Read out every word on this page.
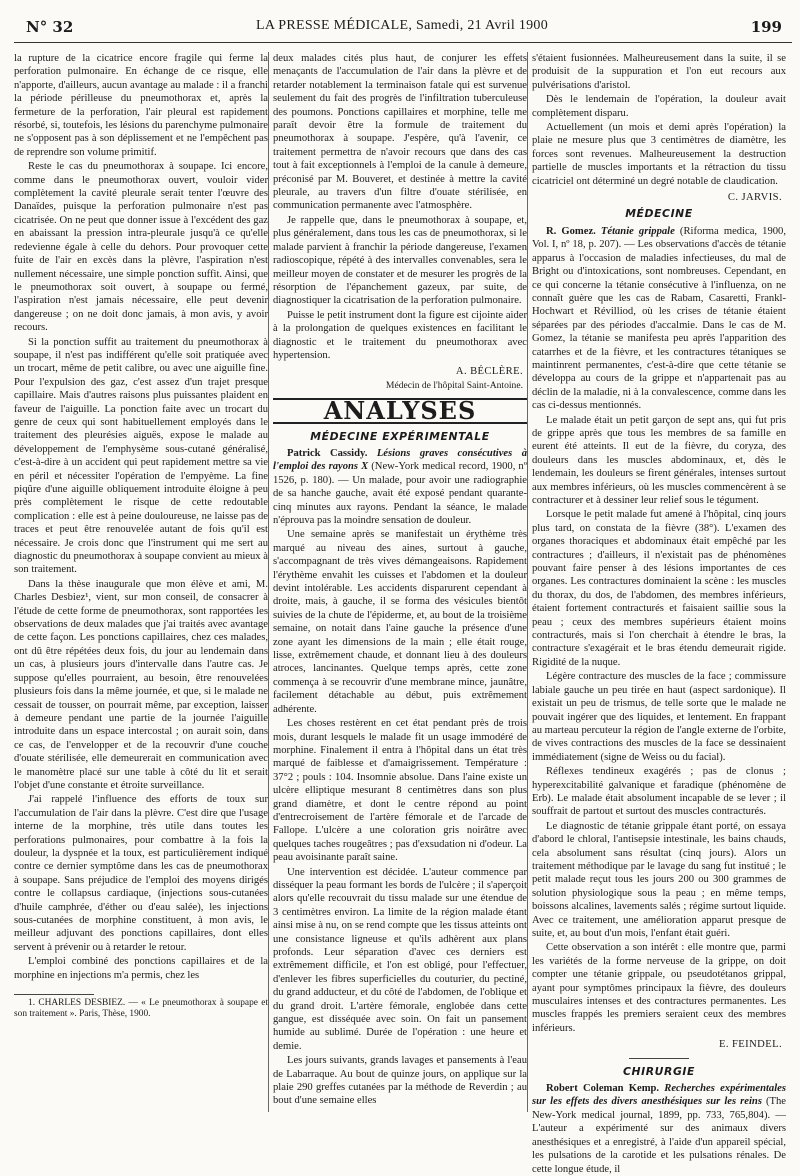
N° 32	LA PRESSE MÉDICALE, Samedi, 21 Avril 1900	199

la rupture de la cicatrice encore fragile qui ferme la perforation pulmonaire. En échange de ce risque, elle n'apporte, d'ailleurs, aucun avantage au malade : il a franchi la période périlleuse du pneumothorax et, après la fermeture de la perforation, l'air pleural est rapidement résorbé, si, toutefois, les lésions du parenchyme pulmonaire ne s'opposent pas à son déplissement et ne l'empêchent pas de reprendre son volume primitif.

Reste le cas du pneumothorax à soupape. Ici encore, comme dans le pneumothorax ouvert, vouloir vider complètement la cavité pleurale serait tenter l'œuvre des Danaïdes, puisque la perforation pulmonaire n'est pas cicatrisée. On ne peut que donner issue à l'excédent des gaz en abaissant la pression intra-pleurale jusqu'à ce qu'elle redevienne égale à celle du dehors. Pour provoquer cette fuite de l'air en excès dans la plèvre, l'aspiration n'est nullement nécessaire, une simple ponction suffit. Ainsi, que le pneumothorax soit ouvert, à soupape ou fermé, l'aspiration n'est jamais nécessaire, elle peut devenir dangereuse ; on ne doit donc jamais, à mon avis, y avoir recours.

Si la ponction suffit au traitement du pneumothorax à soupape, il n'est pas indifférent qu'elle soit pratiquée avec un trocart, même de petit calibre, ou avec une aiguille fine. Pour l'expulsion des gaz, c'est assez d'un trajet presque capillaire. Mais d'autres raisons plus puissantes plaident en faveur de l'aiguille. La ponction faite avec un trocart du genre de ceux qui sont habituellement employés dans le traitement des pleurésies aiguës, expose le malade au développement de l'emphysème sous-cutané généralisé, c'est-à-dire à un accident qui peut rapidement mettre sa vie en péril et nécessiter l'opération de l'empyème. La fine piqûre d'une aiguille obliquement introduite éloigne à peu près complètement le risque de cette redoutable complication : elle est à peine douloureuse, ne laisse pas de traces et peut être renouvelée autant de fois qu'il est nécessaire. Je crois donc que l'instrument qui me sert au diagnostic du pneumothorax à soupape convient au mieux à son traitement.

Dans la thèse inaugurale que mon élève et ami, M. Charles Desbiez¹, vient, sur mon conseil, de consacrer à l'étude de cette forme de pneumothorax, sont rapportées les observations de deux malades que j'ai traités avec avantage de cette façon. Les ponctions capillaires, chez ces malades, ont dû être répétées deux fois, du jour au lendemain dans un cas, à plusieurs jours d'intervalle dans l'autre cas. Je suppose qu'elles pourraient, au besoin, être renouvelées plusieurs fois dans la même journée, et que, si le malade ne cessait de tousser, on pourrait même, par exception, laisser à demeure pendant une partie de la journée l'aiguille introduite dans un espace intercostal ; on aurait soin, dans ce cas, de l'envelopper et de la recouvrir d'une couche d'ouate stérilisée, elle demeurerait en communication avec le manomètre placé sur une table à côté du lit et serait l'objet d'une constante et étroite surveillance.

J'ai rappelé l'influence des efforts de toux sur l'accumulation de l'air dans la plèvre. C'est dire que l'usage interne de la morphine, très utile dans toutes les perforations pulmonaires, pour combattre à la fois la douleur, la dyspnée et la toux, est particulièrement indiqué contre ce dernier symptôme dans les cas de pneumothorax à soupape. Sans préjudice de l'emploi des moyens dirigés contre le collapsus cardiaque, (injections sous-cutanées d'huile camphrée, d'éther ou d'eau salée), les injections sous-cutanées de morphine constituent, à mon avis, le meilleur adjuvant des ponctions capillaires, dont elles servent à prévenir ou à retarder le retour.

L'emploi combiné des ponctions capillaires et de la morphine en injections m'a permis, chez les

1. CHARLES DESBIEZ. — « Le pneumothorax à soupape et son traitement ». Paris, Thèse, 1900.

deux malades cités plus haut, de conjurer les effets menaçants de l'accumulation de l'air dans la plèvre et de retarder notablement la terminaison fatale qui est survenue seulement du fait des progrès de l'infiltration tuberculeuse des poumons. Ponctions capillaires et morphine, telle me paraît devoir être la formule de traitement du pneumothorax à soupape. J'espère, qu'à l'avenir, ce traitement permettra de n'avoir recours que dans des cas tout à fait exceptionnels à l'emploi de la canule à demeure, préconisé par M. Bouveret, et destinée à mettre la cavité pleurale, au travers d'un filtre d'ouate stérilisée, en communication permanente avec l'atmosphère.

Je rappelle que, dans le pneumothorax à soupape, et, plus généralement, dans tous les cas de pneumothorax, si le malade parvient à franchir la période dangereuse, l'examen radioscopique, répété à des intervalles convenables, sera le meilleur moyen de constater et de mesurer les progrès de la résorption de l'épanchement gazeux, par suite, de diagnostiquer la cicatrisation de la perforation pulmonaire.

Puisse le petit instrument dont la figure est cijointe aider à la prolongation de quelques existences en facilitant le diagnostic et le traitement du pneumothorax avec hypertension.

A. BÉCLÈRE.

Médecin de l'hôpital Saint-Antoine.

ANALYSES
MÉDECINE EXPÉRIMENTALE

Patrick Cassidy. Lésions graves consécutives à l'emploi des rayons X (New-York medical record, 1900, nº 1526, p. 180). — Un malade, pour avoir une radiographie de sa hanche gauche, avait été exposé pendant quarante-cinq minutes aux rayons. Pendant la séance, le malade n'éprouva pas la moindre sensation de douleur.

Une semaine après se manifestait un érythème très marqué au niveau des aines, surtout à gauche, s'accompagnant de très vives démangeaisons. Rapidement l'érythème envahit les cuisses et l'abdomen et la douleur devint intolérable. Les accidents disparurent cependant à droite, mais, à gauche, il se forma des vésicules bientôt suivies de la chute de l'épiderme, et, au bout de la troisième semaine, on notait dans l'aine gauche la présence d'une zone ayant les dimensions de la main ; elle était rouge, lisse, extrêmement chaude, et donnant lieu à des douleurs atroces, lancinantes. Quelque temps après, cette zone commença à se recouvrir d'une membrane mince, jaunâtre, facilement détachable au début, puis extrêmement adhérente.

Les choses restèrent en cet état pendant près de trois mois, durant lesquels le malade fit un usage immodéré de morphine. Finalement il entra à l'hôpital dans un état très marqué de faiblesse et d'amaigrissement. Température : 37°2 ; pouls : 104. Insomnie absolue. Dans l'aine existe un ulcère elliptique mesurant 8 centimètres dans son plus grand diamètre, et dont le centre répond au point d'entrecroisement de l'artère fémorale et de l'arcade de Fallope. L'ulcère a une coloration gris noirâtre avec quelques taches rougeâtres ; pas d'exsudation ni d'odeur. La peau avoisinante paraît saine.

Une intervention est décidée. L'auteur commence par disséquer la peau formant les bords de l'ulcère ; il s'aperçoit alors qu'elle recouvrait du tissu malade sur une étendue de 3 centimètres environ. La limite de la région malade étant ainsi mise à nu, on se rend compte que les tissus atteints ont une consistance ligneuse et qu'ils adhèrent aux plans profonds. Leur séparation d'avec ces derniers est extrêmement difficile, et l'on est obligé, pour l'effectuer, d'enlever les fibres superficielles du couturier, du pectiné, du grand adducteur, et du côté de l'abdomen, de l'oblique et du grand droit. L'artère fémorale, englobée dans cette gangue, est disséquée avec soin. On fait un pansement humide au sublimé. Durée de l'opération : une heure et demie.

Les jours suivants, grands lavages et pansements à l'eau de Labarraque. Au bout de quinze jours, on applique sur la plaie 290 greffes cutanées par la méthode de Reverdin ; au bout d'une semaine elles

s'étaient fusionnées. Malheureusement dans la suite, il se produisit de la suppuration et l'on eut recours aux pulvérisations d'aristol.

Dès le lendemain de l'opération, la douleur avait complètement disparu.

Actuellement (un mois et demi après l'opération) la plaie ne mesure plus que 3 centimètres de diamètre, les forces sont revenues. Malheureusement la destruction partielle de muscles importants et la rétraction du tissu cicatriciel ont déterminé un degré notable de claudication.

C. JARVIS.

MÉDECINE

R. Gomez. Tétanie grippale (Riforma medica, 1900, Vol. I, nº 18, p. 207). — Les observations d'accès de tétanie apparus à l'occasion de maladies infectieuses, du mal de Bright ou d'intoxications, sont nombreuses. Cependant, en ce qui concerne la tétanie consécutive à l'influenza, on ne connaît guère que les cas de Rabam, Casaretti, Frankl-Hochwart et Révilliod, où les crises de tétanie étaient séparées par des périodes d'accalmie. Dans le cas de M. Gomez, la tétanie se manifesta peu après l'apparition des catarrhes et de la fièvre, et les contractures tétaniques se maintinrent permanentes, c'est-à-dire que cette tétanie se développa au cours de la grippe et n'appartenait pas au déclin de la maladie, ni à la convalescence, comme dans les cas ci-dessus mentionnés.

Le malade était un petit garçon de sept ans, qui fut pris de grippe après que tous les membres de sa famille en eurent été atteints. Il eut de la fièvre, du coryza, des douleurs dans les muscles abdominaux, et, dès le lendemain, les douleurs se firent générales, intenses surtout aux membres inférieurs, où les muscles commencèrent à se contracturer et à dessiner leur relief sous le tégument.

Lorsque le petit malade fut amené à l'hôpital, cinq jours plus tard, on constata de la fièvre (38°). L'examen des organes thoraciques et abdominaux était empêché par les contractures ; d'ailleurs, il n'existait pas de phénomènes pouvant faire penser à des lésions importantes de ces organes. Les contractures dominaient la scène : les muscles du thorax, du dos, de l'abdomen, des membres inférieurs, étaient fortement contracturés et faisaient saillie sous la peau ; ceux des membres supérieurs étaient moins contracturés, mais si l'on cherchait à étendre le bras, la contracture s'exagérait et le bras étendu demeurait rigide. Rigidité de la nuque.

Légère contracture des muscles de la face ; commissure labiale gauche un peu tirée en haut (aspect sardonique). Il existait un peu de trismus, de telle sorte que le malade ne pouvait ingérer que des liquides, et lentement. En frappant au marteau percuteur la région de l'angle externe de l'orbite, de vives contractions des muscles de la face se dessinaient immédiatement (signe de Weiss ou du facial).

Réflexes tendineux exagérés ; pas de clonus ; hyperexcitabilité galvanique et faradique (phénomène de Erb). Le malade était absolument incapable de se lever ; il souffrait de partout et surtout des muscles contracturés.

Le diagnostic de tétanie grippale étant porté, on essaya d'abord le chloral, l'antisepsie intestinale, les bains chauds, cela absolument sans résultat (cinq jours). Alors un traitement méthodique par le lavage du sang fut institué ; le petit malade reçut tous les jours 200 ou 300 grammes de solution physiologique sous la peau ; en même temps, boissons alcalines, lavements salés ; régime surtout liquide. Avec ce traitement, une amélioration apparut presque de suite, et, au bout d'un mois, l'enfant était guéri.

Cette observation a son intérêt : elle montre que, parmi les variétés de la forme nerveuse de la grippe, on doit compter une tétanie grippale, ou pseudotétanos grippal, ayant pour symptômes principaux la fièvre, des douleurs musculaires intenses et des contractures permanentes. Les muscles frappés les premiers seraient ceux des membres inférieurs.

E. FEINDEL.

CHIRURGIE

Robert Coleman Kemp. Recherches expérimentales sur les effets des divers anesthésiques sur les reins (The New-York medical journal, 1899, pp. 733, 765,804). — L'auteur a expérimenté sur des animaux divers anesthésiques et a enregistré, à l'aide d'un appareil spécial, les pulsations de la carotide et les pulsations rénales. De cette longue étude, il
